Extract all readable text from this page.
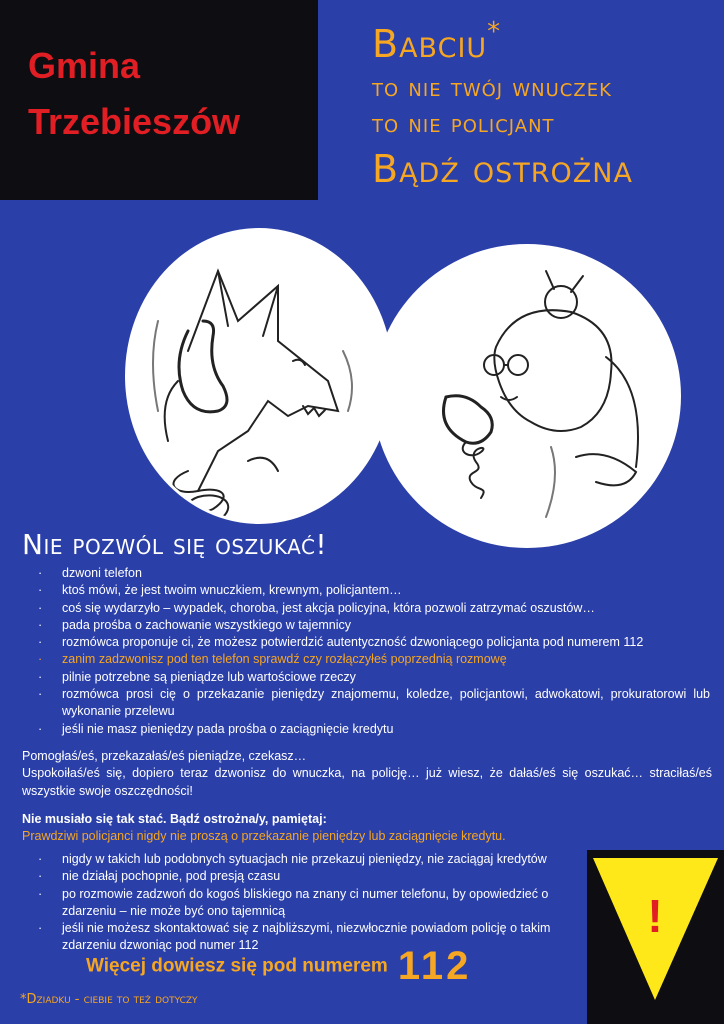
Gmina
Trzebieszów
Babciu*
to nie twój wnuczek
to nie policjant
Bądź ostrożna
Nie pozwól się oszukać!
· dzwoni telefon
· ktoś mówi, że jest twoim wnuczkiem, krewnym, policjantem…
· coś się wydarzyło – wypadek, choroba, jest akcja policyjna, która pozwoli zatrzymać oszustów…
· pada prośba o zachowanie wszystkiego w tajemnicy
· rozmówca proponuje ci, że możesz potwierdzić autentyczność dzwoniącego policjanta pod numerem 112
· zanim zadzwonisz pod ten telefon sprawdź czy rozłączyłeś poprzednią rozmowę
· pilnie potrzebne są pieniądze lub wartościowe rzeczy
· rozmówca prosi cię o przekazanie pieniędzy znajomemu, koledze, policjantowi, adwokatowi, prokuratorowi lub wykonanie przelewu
· jeśli nie masz pieniędzy pada prośba o zaciągnięcie kredytu

Pomogłaś/eś, przekazałaś/eś pieniądze, czekasz…

Uspokoiłaś/eś się, dopiero teraz dzwonisz do wnuczka, na policję… już wiesz, że dałaś/eś się oszukać… straciłaś/eś wszystkie swoje oszczędności!

Nie musiało się tak stać. Bądź ostrożna/y, pamiętaj:
Prawdziwi policjanci nigdy nie proszą o przekazanie pieniędzy lub zaciągnięcie kredytu.
· nigdy w takich lub podobnych sytuacjach nie przekazuj pieniędzy, nie zaciągaj kredytów
· nie działaj pochopnie, pod presją czasu
· po rozmowie zadzwoń do kogoś bliskiego na znany ci numer telefonu, by opowiedzieć o zdarzeniu – nie może być ono tajemnicą
· jeśli nie możesz skontaktować się z najbliższymi, niezwłocznie powiadom policję o takim zdarzeniu dzwoniąc pod numer 112
!
Więcej dowiesz się pod numerem 112
*Dziadku - ciebie to też dotyczy
